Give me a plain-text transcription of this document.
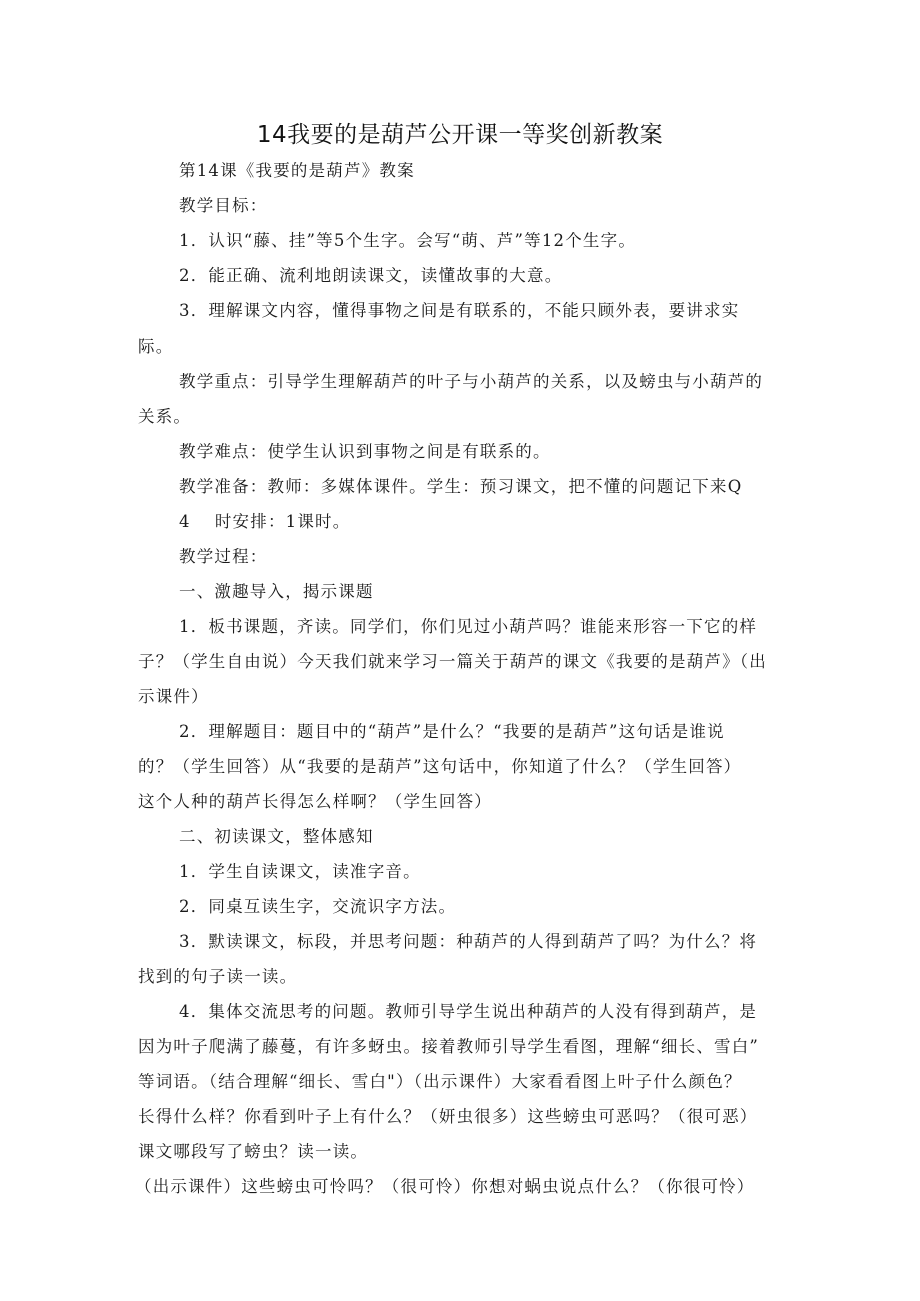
14我要的是葫芦公开课一等奖创新教案
第14课《我要的是葫芦》教案
教学目标：
1．认识“藤、挂”等5个生字。会写“萌、芦”等12个生字。
2．能正确、流利地朗读课文，读懂故事的大意。
3．理解课文内容，懂得事物之间是有联系的，不能只顾外表，要讲求实
际。
教学重点：引导学生理解葫芦的叶子与小葫芦的关系，以及螃虫与小葫芦的
关系。
教学难点：使学生认识到事物之间是有联系的。
教学准备：教师：多媒体课件。学生：预习课文，把不懂的问题记下来Q
4　 时安排：1课时。
教学过程：
一、激趣导入，揭示课题
1．板书课题，齐读。同学们，你们见过小葫芦吗？谁能来形容一下它的样
子？（学生自由说）今天我们就来学习一篇关于葫芦的课文《我要的是葫芦》（出
示课件）
2．理解题目：题目中的“葫芦”是什么？“我要的是葫芦”这句话是谁说
的？（学生回答）从“我要的是葫芦”这句话中，你知道了什么？（学生回答）
这个人种的葫芦长得怎么样啊？（学生回答）
二、初读课文，整体感知
1．学生自读课文，读准字音。
2．同桌互读生字，交流识字方法。
3．默读课文，标段，并思考问题：种葫芦的人得到葫芦了吗？为什么？将
找到的句子读一读。
4．集体交流思考的问题。教师引导学生说出种葫芦的人没有得到葫芦，是
因为叶子爬满了藤蔓，有许多蚜虫。接着教师引导学生看图，理解“细长、雪白”
等词语。（结合理解“细长、雪白"）（出示课件）大家看看图上叶子什么颜色？
长得什么样？你看到叶子上有什么？（妍虫很多）这些螃虫可恶吗？（很可恶）
课文哪段写了螃虫？读一读。
（出示课件）这些螃虫可怜吗？（很可怜）你想对蜗虫说点什么？（你很可怜）
